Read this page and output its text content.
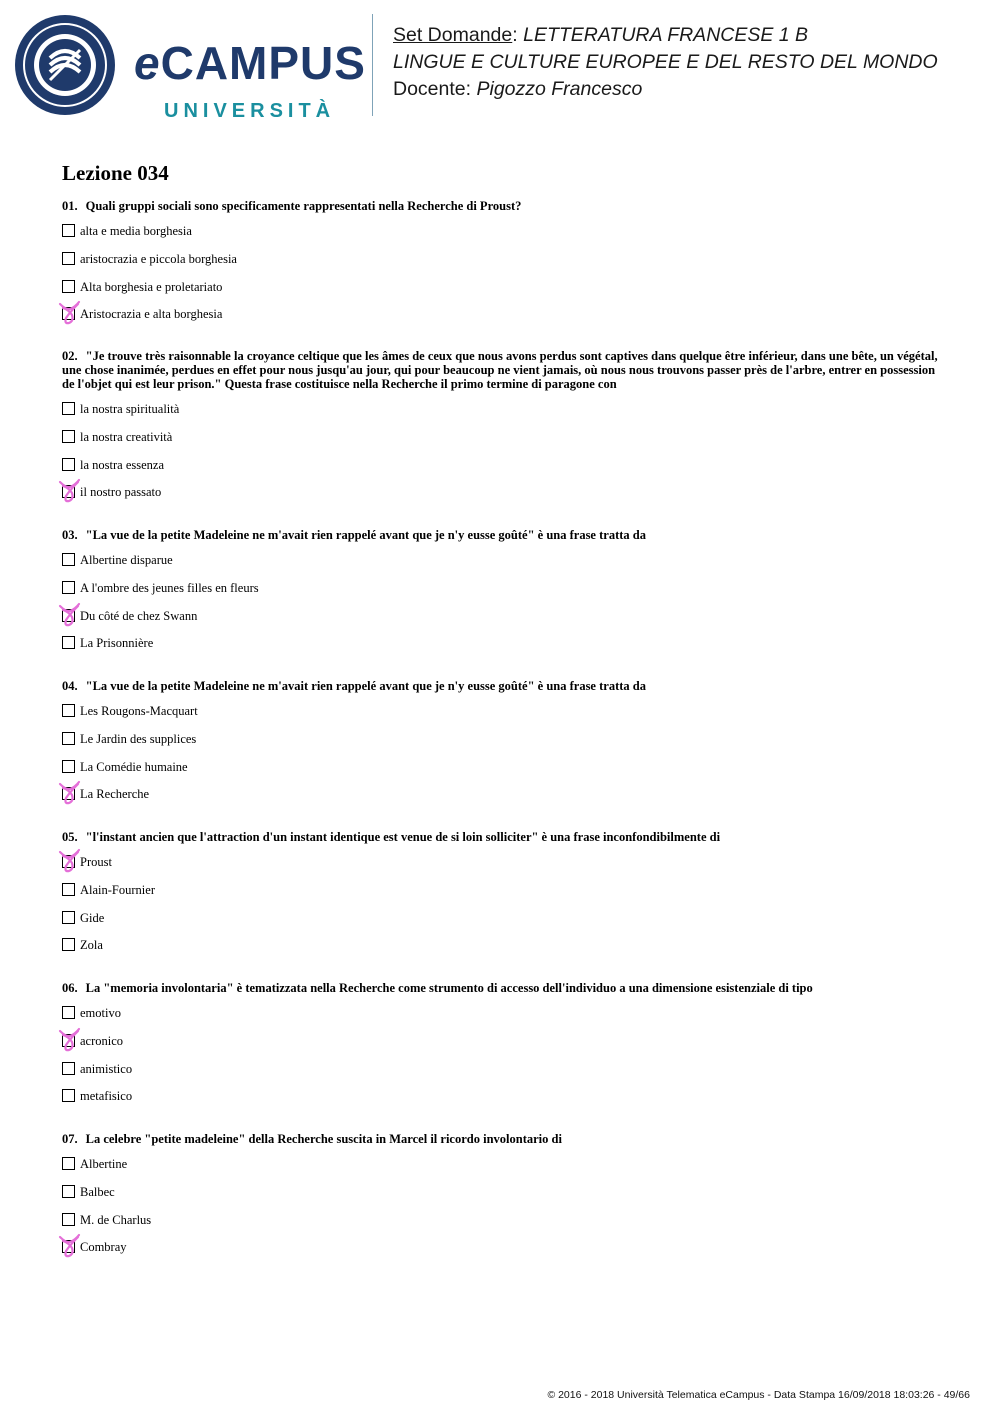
eCAMPUS
UNIVERSITÀ
Set Domande: LETTERATURA FRANCESE 1 B
LINGUE E CULTURE EUROPEE E DEL RESTO DEL MONDO
Docente: Pigozzo Francesco
Lezione 034
01. Quali gruppi sociali sono specificamente rappresentati nella Recherche di Proust?
alta e media borghesia
aristocrazia e piccola borghesia
Alta borghesia e proletariato
Aristocrazia e alta borghesia
02. "Je trouve très raisonnable la croyance celtique que les âmes de ceux que nous avons perdus sont captives dans quelque être inférieur, dans une bête, un végétal, une chose inanimée, perdues en effet pour nous jusqu'au jour, qui pour beaucoup ne vient jamais, où nous nous trouvons passer près de l'arbre, entrer en possession de l'objet qui est leur prison." Questa frase costituisce nella Recherche il primo termine di paragone con
la nostra spiritualità
la nostra creatività
la nostra essenza
il nostro passato
03. "La vue de la petite Madeleine ne m'avait rien rappelé avant que je n'y eusse goûté" è una frase tratta da
Albertine disparue
A l'ombre des jeunes filles en fleurs
Du côté de chez Swann
La Prisonnière
04. "La vue de la petite Madeleine ne m'avait rien rappelé avant que je n'y eusse goûté" è una frase tratta da
Les Rougons-Macquart
Le Jardin des supplices
La Comédie humaine
La Recherche
05. "l'instant ancien que l'attraction d'un instant identique est venue de si loin solliciter" è una frase inconfondibilmente di
Proust
Alain-Fournier
Gide
Zola
06. La "memoria involontaria" è tematizzata nella Recherche come strumento di accesso dell'individuo a una dimensione esistenziale di tipo
emotivo
acronico
animistico
metafisico
07. La celebre "petite madeleine" della Recherche suscita in Marcel il ricordo involontario di
Albertine
Balbec
M. de Charlus
Combray
© 2016 - 2018 Università Telematica eCampus - Data Stampa 16/09/2018 18:03:26 - 49/66
